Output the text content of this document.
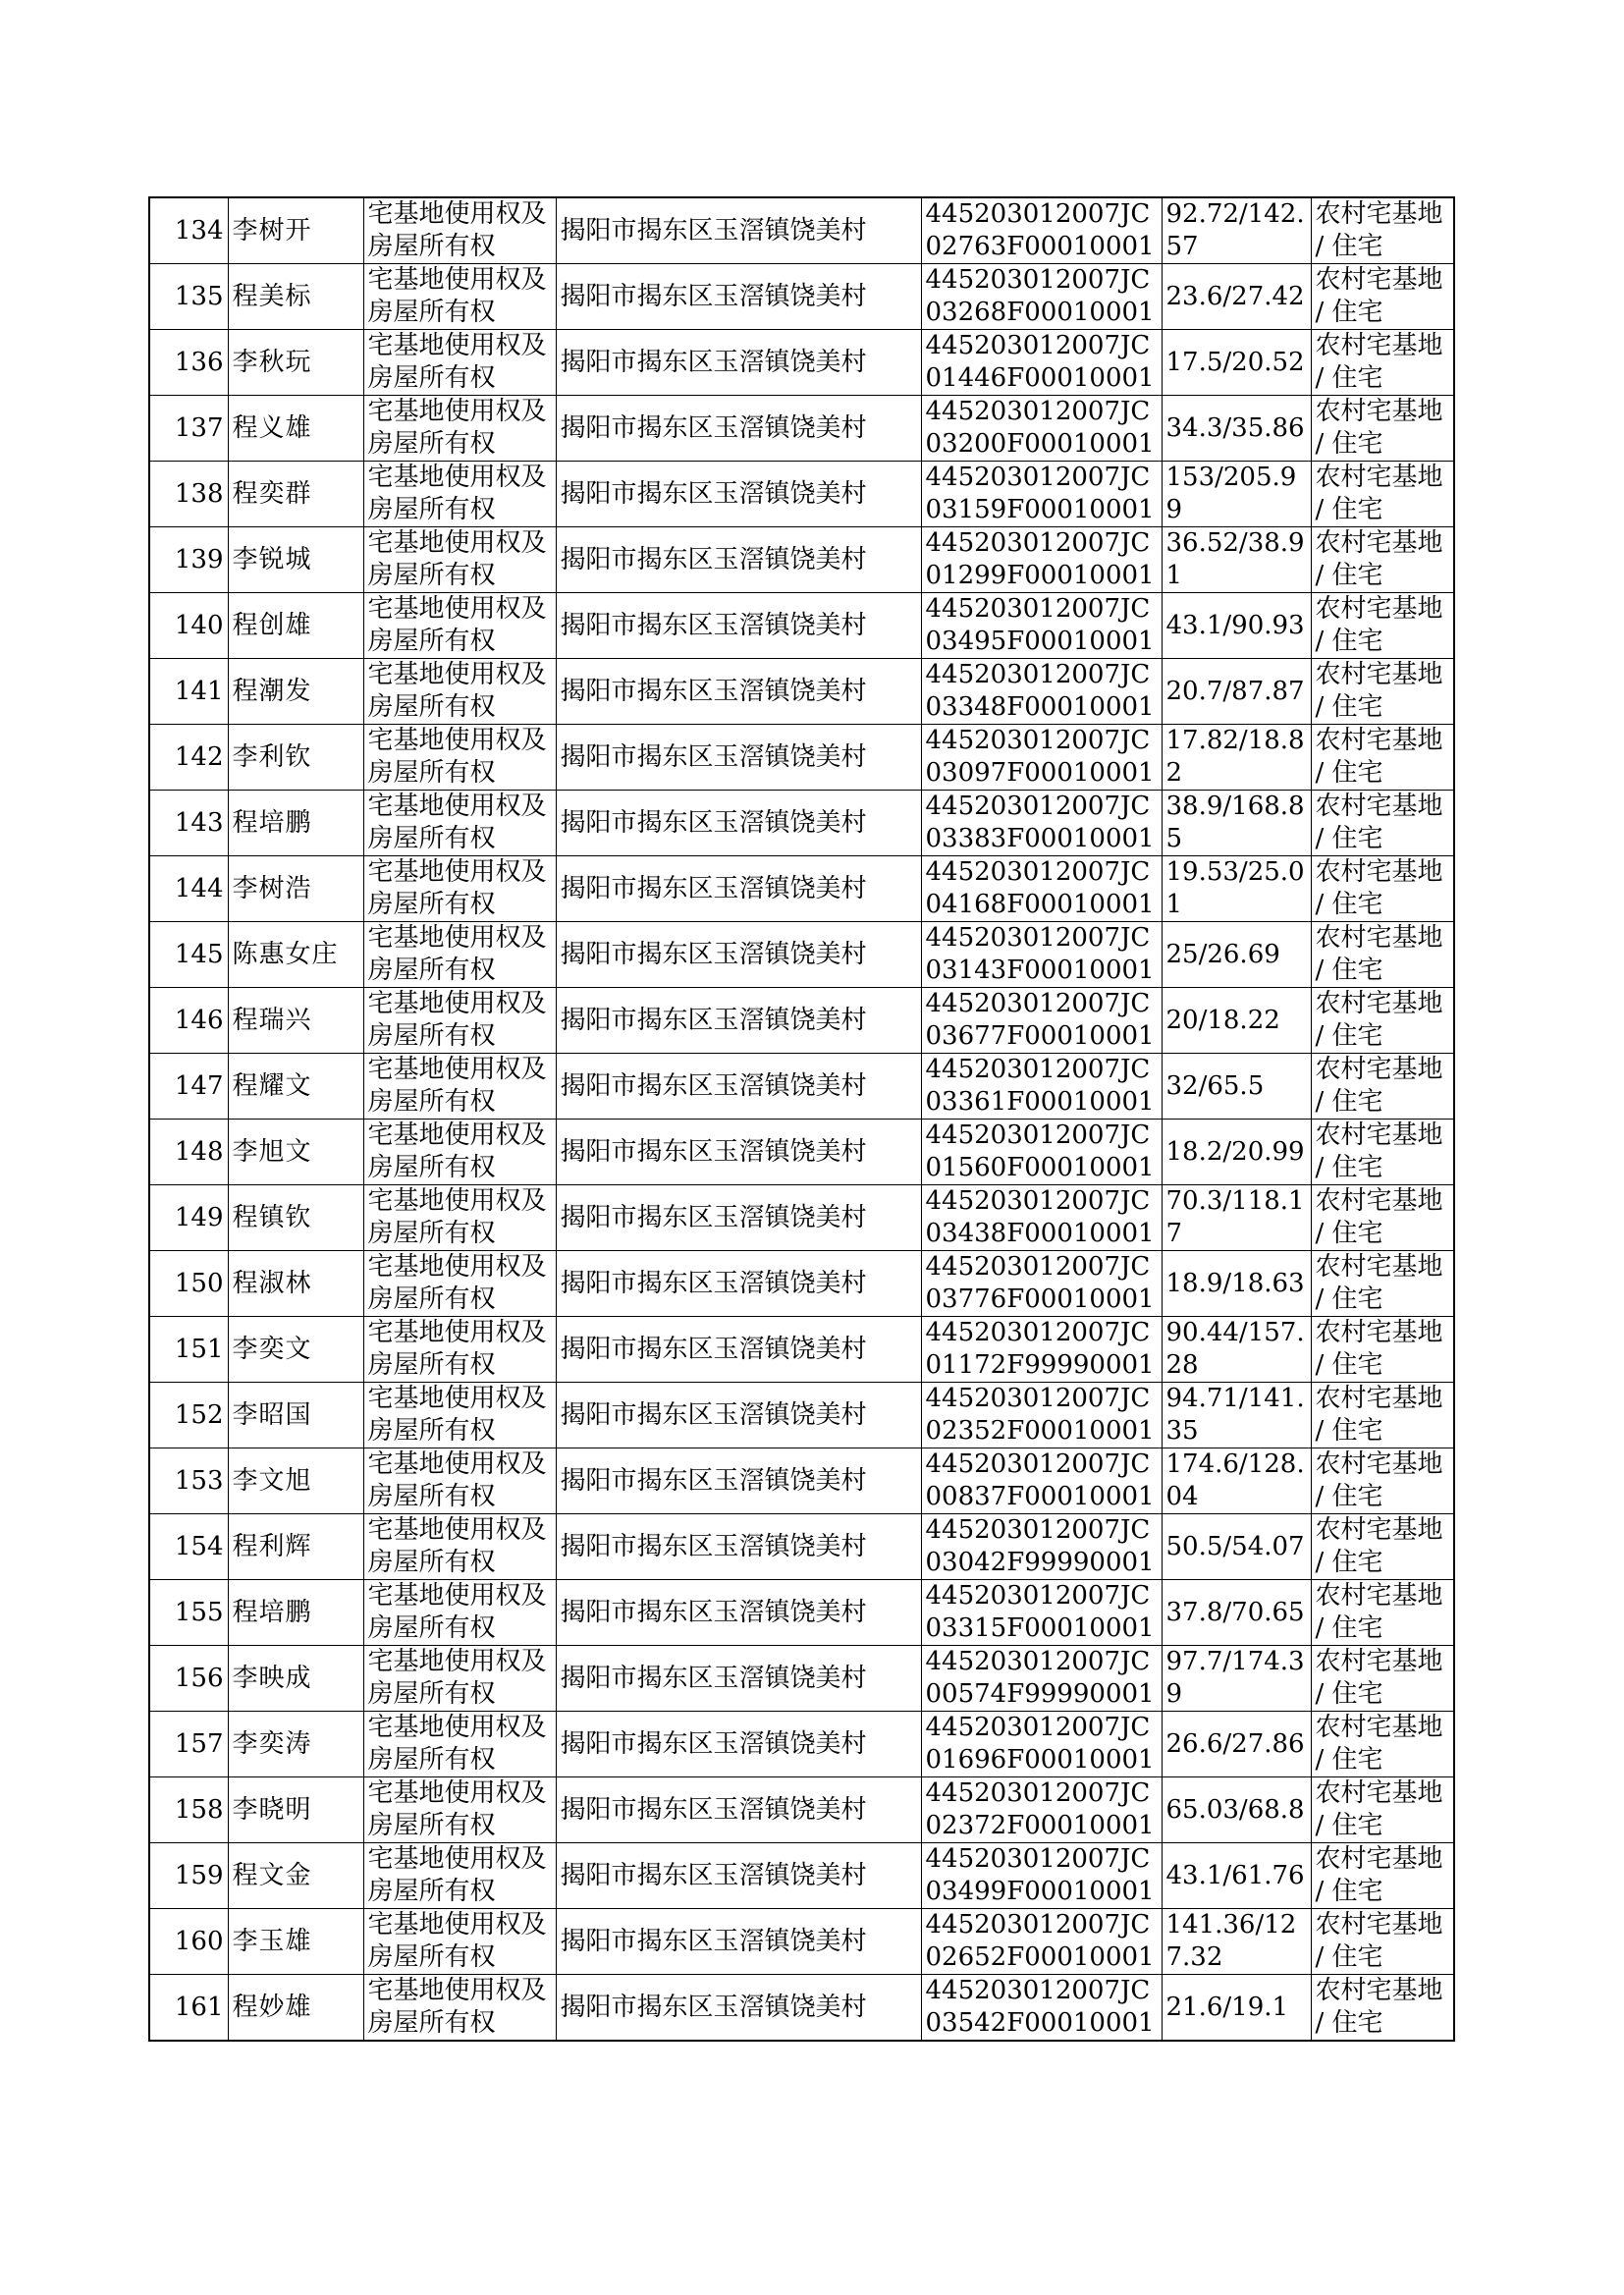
134	李树开	宅基地使用权及房屋所有权	揭阳市揭东区玉滘镇饶美村	445203012007JC02763F00010001	92.72/142.57	农村宅基地 / 住宅

135	程美标	宅基地使用权及房屋所有权	揭阳市揭东区玉滘镇饶美村	445203012007JC03268F00010001	23.6/27.42	农村宅基地 / 住宅

136	李秋玩	宅基地使用权及房屋所有权	揭阳市揭东区玉滘镇饶美村	445203012007JC01446F00010001	17.5/20.52	农村宅基地 / 住宅

137	程义雄	宅基地使用权及房屋所有权	揭阳市揭东区玉滘镇饶美村	445203012007JC03200F00010001	34.3/35.86	农村宅基地 / 住宅

138	程奕群	宅基地使用权及房屋所有权	揭阳市揭东区玉滘镇饶美村	445203012007JC03159F00010001	153/205.99	农村宅基地 / 住宅

139	李锐城	宅基地使用权及房屋所有权	揭阳市揭东区玉滘镇饶美村	445203012007JC01299F00010001	36.52/38.91	农村宅基地 / 住宅

140	程创雄	宅基地使用权及房屋所有权	揭阳市揭东区玉滘镇饶美村	445203012007JC03495F00010001	43.1/90.93	农村宅基地 / 住宅

141	程潮发	宅基地使用权及房屋所有权	揭阳市揭东区玉滘镇饶美村	445203012007JC03348F00010001	20.7/87.87	农村宅基地 / 住宅

142	李利钦	宅基地使用权及房屋所有权	揭阳市揭东区玉滘镇饶美村	445203012007JC03097F00010001	17.82/18.82	农村宅基地 / 住宅

143	程培鹏	宅基地使用权及房屋所有权	揭阳市揭东区玉滘镇饶美村	445203012007JC03383F00010001	38.9/168.85	农村宅基地 / 住宅

144	李树浩	宅基地使用权及房屋所有权	揭阳市揭东区玉滘镇饶美村	445203012007JC04168F00010001	19.53/25.01	农村宅基地 / 住宅

145	陈惠女庄	宅基地使用权及房屋所有权	揭阳市揭东区玉滘镇饶美村	445203012007JC03143F00010001	25/26.69	农村宅基地 / 住宅

146	程瑞兴	宅基地使用权及房屋所有权	揭阳市揭东区玉滘镇饶美村	445203012007JC03677F00010001	20/18.22	农村宅基地 / 住宅

147	程耀文	宅基地使用权及房屋所有权	揭阳市揭东区玉滘镇饶美村	445203012007JC03361F00010001	32/65.5	农村宅基地 / 住宅

148	李旭文	宅基地使用权及房屋所有权	揭阳市揭东区玉滘镇饶美村	445203012007JC01560F00010001	18.2/20.99	农村宅基地 / 住宅

149	程镇钦	宅基地使用权及房屋所有权	揭阳市揭东区玉滘镇饶美村	445203012007JC03438F00010001	70.3/118.17	农村宅基地 / 住宅

150	程淑林	宅基地使用权及房屋所有权	揭阳市揭东区玉滘镇饶美村	445203012007JC03776F00010001	18.9/18.63	农村宅基地 / 住宅

151	李奕文	宅基地使用权及房屋所有权	揭阳市揭东区玉滘镇饶美村	445203012007JC01172F99990001	90.44/157.28	农村宅基地 / 住宅

152	李昭国	宅基地使用权及房屋所有权	揭阳市揭东区玉滘镇饶美村	445203012007JC02352F00010001	94.71/141.35	农村宅基地 / 住宅

153	李文旭	宅基地使用权及房屋所有权	揭阳市揭东区玉滘镇饶美村	445203012007JC00837F00010001	174.6/128.04	农村宅基地 / 住宅

154	程利辉	宅基地使用权及房屋所有权	揭阳市揭东区玉滘镇饶美村	445203012007JC03042F99990001	50.5/54.07	农村宅基地 / 住宅

155	程培鹏	宅基地使用权及房屋所有权	揭阳市揭东区玉滘镇饶美村	445203012007JC03315F00010001	37.8/70.65	农村宅基地 / 住宅

156	李映成	宅基地使用权及房屋所有权	揭阳市揭东区玉滘镇饶美村	445203012007JC00574F99990001	97.7/174.39	农村宅基地 / 住宅

157	李奕涛	宅基地使用权及房屋所有权	揭阳市揭东区玉滘镇饶美村	445203012007JC01696F00010001	26.6/27.86	农村宅基地 / 住宅

158	李晓明	宅基地使用权及房屋所有权	揭阳市揭东区玉滘镇饶美村	445203012007JC02372F00010001	65.03/68.8	农村宅基地 / 住宅

159	程文金	宅基地使用权及房屋所有权	揭阳市揭东区玉滘镇饶美村	445203012007JC03499F00010001	43.1/61.76	农村宅基地 / 住宅

160	李玉雄	宅基地使用权及房屋所有权	揭阳市揭东区玉滘镇饶美村	445203012007JC02652F00010001	141.36/127.32	农村宅基地 / 住宅

161	程妙雄	宅基地使用权及房屋所有权	揭阳市揭东区玉滘镇饶美村	445203012007JC03542F00010001	21.6/19.1	农村宅基地 / 住宅
